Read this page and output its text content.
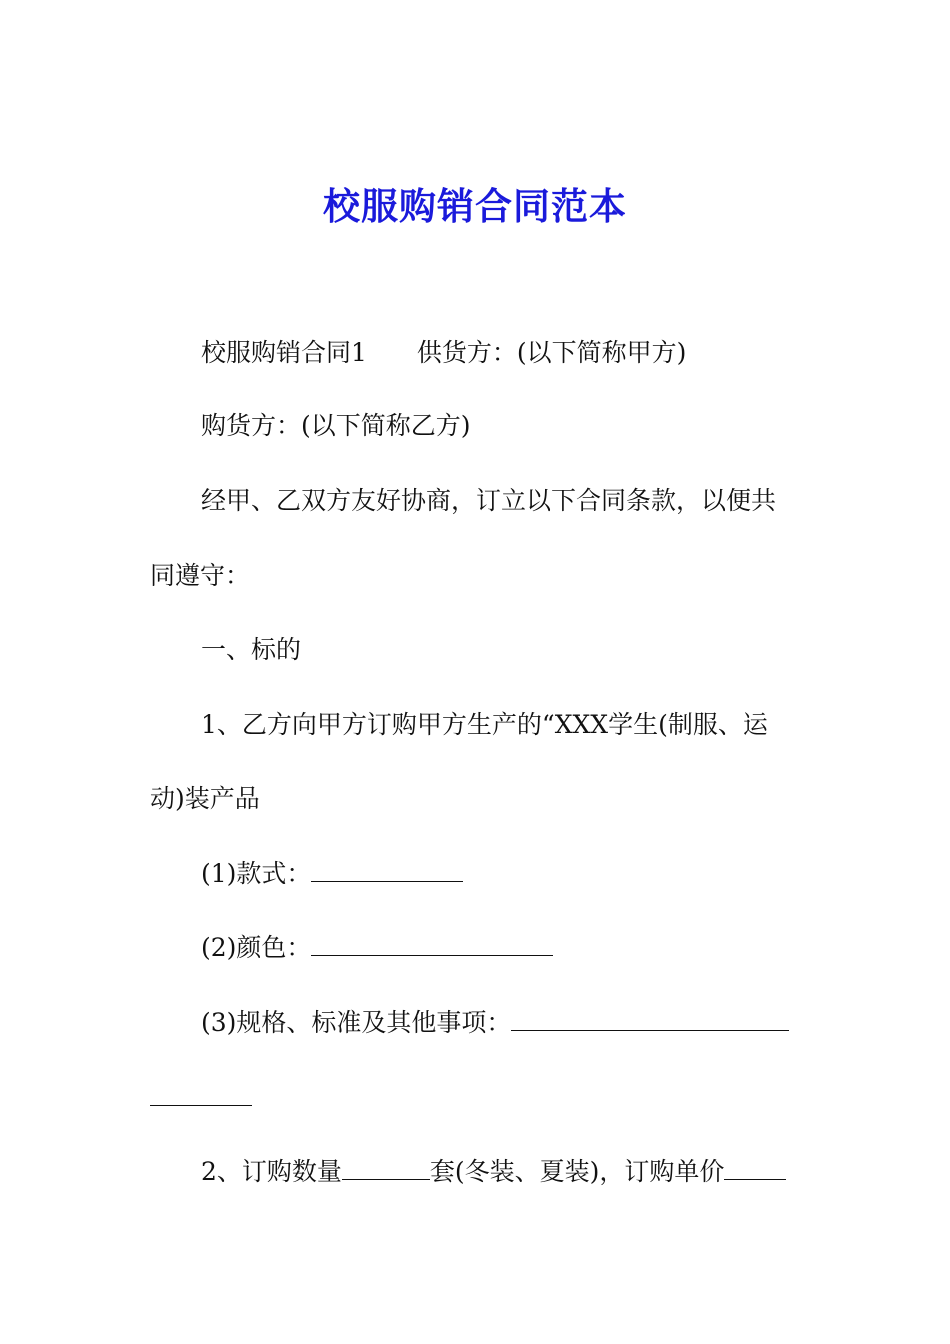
校服购销合同范本
校服购销合同1 供货方：(以下简称甲方)
购货方：(以下简称乙方)
经甲、乙双方友好协商，订立以下合同条款，以便共
同遵守：
一、标的
1、乙方向甲方订购甲方生产的“XXX学生(制服、运
动)装产品
(1)款式：
(2)颜色：
(3)规格、标准及其他事项：
2、订购数量	套(冬装、夏装)，订购单价
